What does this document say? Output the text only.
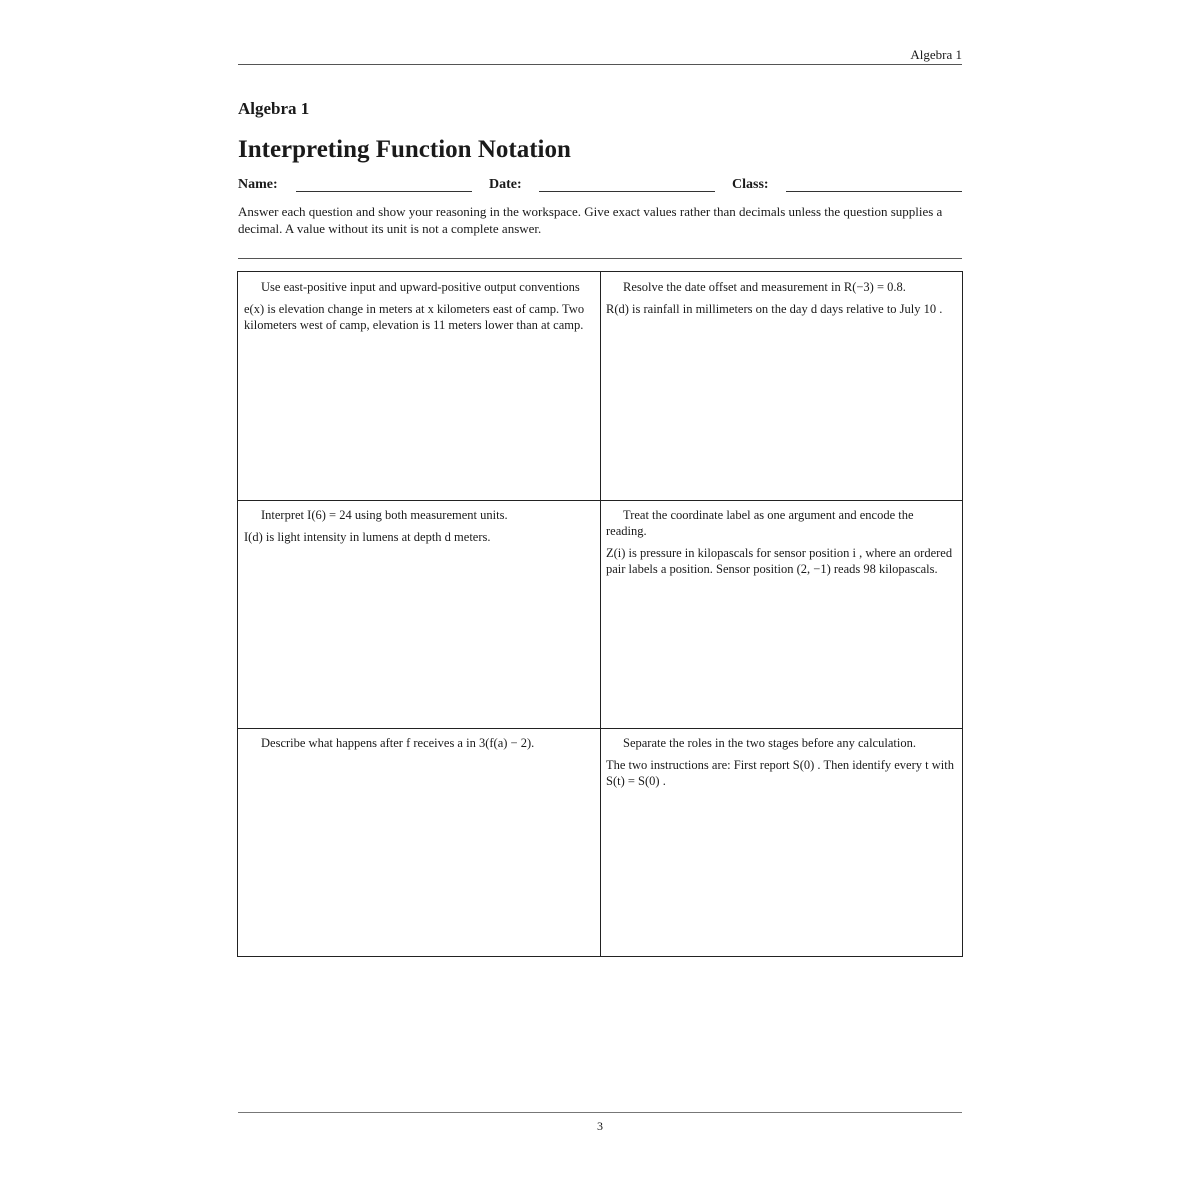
Algebra 1
Algebra 1
Interpreting Function Notation
Name:	Date:	Class:
Answer each question and show your reasoning in the workspace. Give exact values rather than decimals unless the question supplies a decimal. A value without its unit is not a complete answer.

Use east-positive input and upward-positive output conventions

e(x) is elevation change in meters at x kilometers east of camp. Two kilometers west of camp, elevation is 11 meters lower than at camp.

Resolve the date offset and measurement in R(−3) = 0.8.

R(d) is rainfall in millimeters on the day d days relative to July 10 .

Interpret I(6) = 24 using both measurement units.

I(d) is light intensity in lumens at depth d meters.

Treat the coordinate label as one argument and encode the reading.

Z(i) is pressure in kilopascals for sensor position i , where an ordered pair labels a position. Sensor position (2, −1) reads 98 kilopascals.

Describe what happens after f receives a in 3(f(a) − 2).	Separate the roles in the two stages before any calculation.

The two instructions are: First report S(0) . Then identify every t with S(t) = S(0) .

3
